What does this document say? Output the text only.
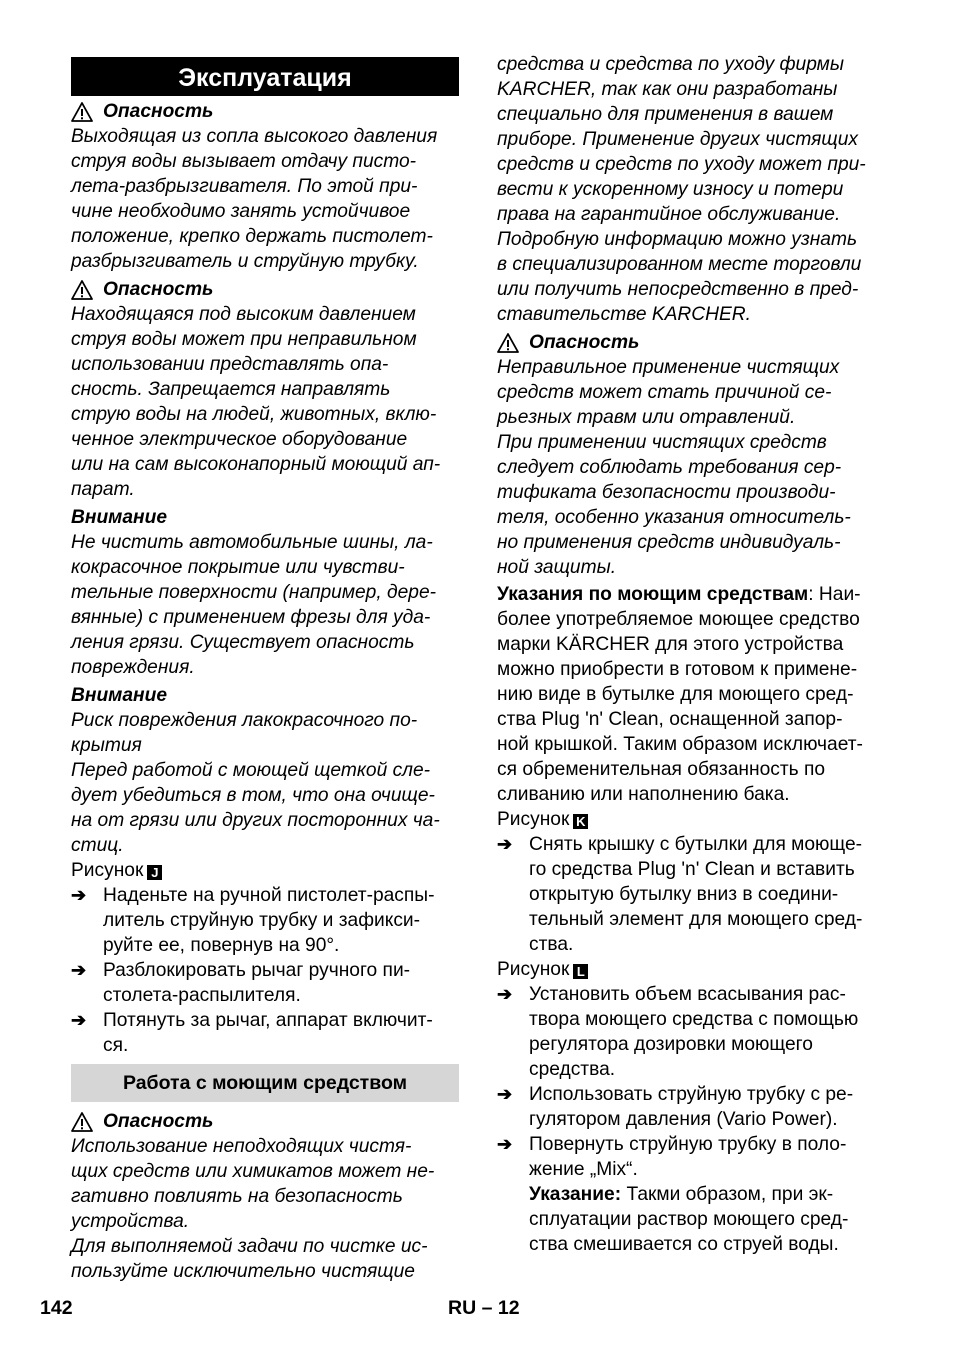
Эксплуатация
Опасность
Выходящая из сопла высокого давления
струя воды вызывает отдачу писто-
лета-разбрызгивателя. По этой при-
чине необходимо занять устойчивое
положение, крепко держать пистолет-
разбрызгиватель и струйную трубку.
Опасность
Находящаяся под высоким давлением
струя воды может при неправильном
использовании представлять опа-
сность. Запрещается направлять
струю воды на людей, животных, вклю-
ченное электрическое оборудование
или на сам высоконапорный моющий ап-
парат.
Внимание
Не чистить автомобильные шины, ла-
кокрасочное покрытие или чувстви-
тельные поверхности (например, дере-
вянные) с применением фрезы для уда-
ления грязи. Существует опасность
повреждения.
Внимание
Риск повреждения лакокрасочного по-
крытия
Перед работой с моющей щеткой сле-
дует убедиться в том, что она очище-
на от грязи или других посторонних ча-
стиц.
Рисунок J
➔ Наденьте на ручной пистолет-распы-
литель струйную трубку и зафикси-
руйте ее, повернув на 90°.
➔ Разблокировать рычаг ручного пи-
столета-распылителя.
➔ Потянуть за рычаг, аппарат включит-
ся.
Работа с моющим средством
Опасность
Использование неподходящих чистя-
щих средств или химикатов может не-
гативно повлиять на безопасность
устройства.
Для выполняемой задачи по чистке ис-
пользуйте исключительно чистящие
средства и средства по уходу фирмы
KARCHER, так как они разработаны
специально для применения в вашем
приборе. Применение других чистящих
средств и средств по уходу может при-
вести к ускоренному износу и потери
права на гарантийное обслуживание.
Подробную информацию можно узнать
в специализированном месте торговли
или получить непосредственно в пред-
ставительстве KARCHER.
Опасность
Неправильное применение чистящих
средств может стать причиной се-
рьезных травм или отравлений.
При применении чистящих средств
следует соблюдать требования сер-
тификата безопасности производи-
теля, особенно указания относитель-
но применения средств индивидуаль-
ной защиты.
Указания по моющим средствам: Наи-
более употребляемое моющее средство
марки KÄRCHER для этого устройства
можно приобрести в готовом к примене-
нию виде в бутылке для моющего сред-
ства Plug 'n' Clean, оснащенной запор-
ной крышкой. Таким образом исключает-
ся обременительная обязанность по
сливанию или наполнению бака.
Рисунок K
➔ Снять крышку с бутылки для моюще-
го средства Plug 'n' Clean и вставить
открытую бутылку вниз в соедини-
тельный элемент для моющего сред-
ства.
Рисунок L
➔ Установить объем всасывания рас-
твора моющего средства с помощью
регулятора дозировки моющего
средства.
➔ Использовать струйную трубку с ре-
гулятором давления (Vario Power).
➔ Повернуть струйную трубку в поло-
жение „Mix“.
Указание: Такми образом, при эк-
сплуатации раствор моющего сред-
ства смешивается со струей воды.
142	RU – 12
